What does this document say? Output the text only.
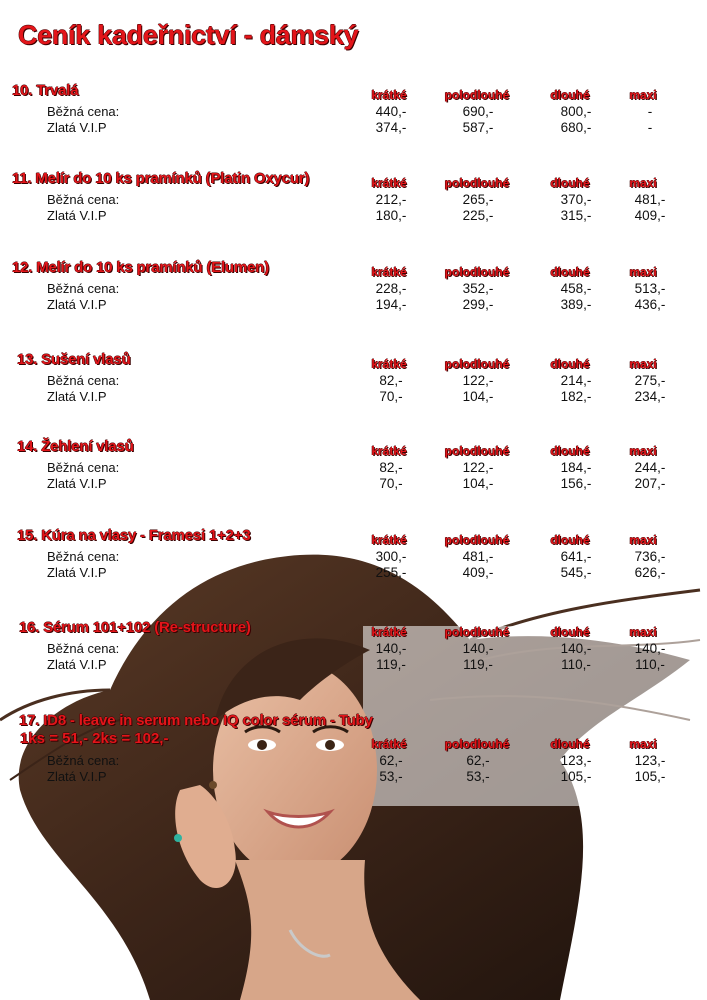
Ceník kadeřnictví - dámský
10. Trvalá	krátké	polodlouhé	dlouhé	maxi
Běžná cena:	440,-	690,-	800,-	-
Zlatá V.I.P	374,-	587,-	680,-	-
11. Melír do 10 ks pramínků (Platin Oxycur)	krátké	polodlouhé	dlouhé	maxi
Běžná cena:	212,-	265,-	370,-	481,-
Zlatá V.I.P	180,-	225,-	315,-	409,-
12. Melír do 10 ks pramínků (Elumen)	krátké	polodlouhé	dlouhé	maxi
Běžná cena:	228,-	352,-	458,-	513,-
Zlatá V.I.P	194,-	299,-	389,-	436,-
13. Sušení vlasů	krátké	polodlouhé	dlouhé	maxi
Běžná cena:	82,-	122,-	214,-	275,-
Zlatá V.I.P	70,-	104,-	182,-	234,-
14. Žehlení vlasů	krátké	polodlouhé	dlouhé	maxi
Běžná cena:	82,-	122,-	184,-	244,-
Zlatá V.I.P	70,-	104,-	156,-	207,-
15. Kúra na vlasy - Framesi 1+2+3	krátké	polodlouhé	dlouhé	maxi
Běžná cena:	300,-	481,-	641,-	736,-
Zlatá V.I.P	255,-	409,-	545,-	626,-
16. Sérum 101+102 (Re-structure)	krátké	polodlouhé	dlouhé	maxi
Běžná cena:	140,-	140,-	140,-	140,-
Zlatá V.I.P	119,-	119,-	110,-	110,-
17. ID8 - leave in serum nebo IQ color sérum - Tuby
1ks = 51,- 2ks = 102,-	krátké	polodlouhé	dlouhé	maxi
Běžná cena:	62,-	62,-	123,-	123,-
Zlatá V.I.P	53,-	53,-	105,-	105,-
